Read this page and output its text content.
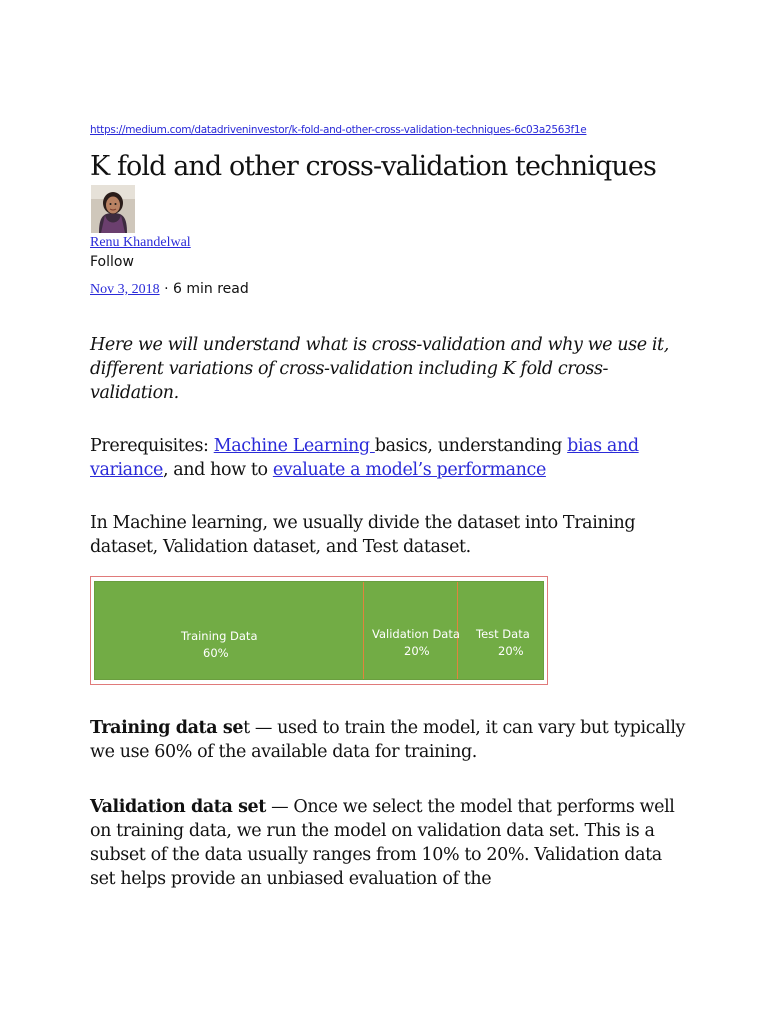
https://medium.com/datadriveninvestor/k-fold-and-other-cross-validation-techniques-6c03a2563f1e
K fold and other cross-validation techniques
Renu Khandelwal
Follow
Nov 3, 2018 · 6 min read

Here we will understand what is cross-validation and why we use it, different variations of cross-validation including K fold cross-validation.

Prerequisites: Machine Learning basics, understanding bias and variance, and how to evaluate a model’s performance

In Machine learning, we usually divide the dataset into Training dataset, Validation dataset, and Test dataset.

Training Data
60%
Validation Data
20%
Test Data
20%

Training data set — used to train the model, it can vary but typically we use 60% of the available data for training.

Validation data set — Once we select the model that performs well on training data, we run the model on validation data set. This is a subset of the data usually ranges from 10% to 20%. Validation data set helps provide an unbiased evaluation of the
